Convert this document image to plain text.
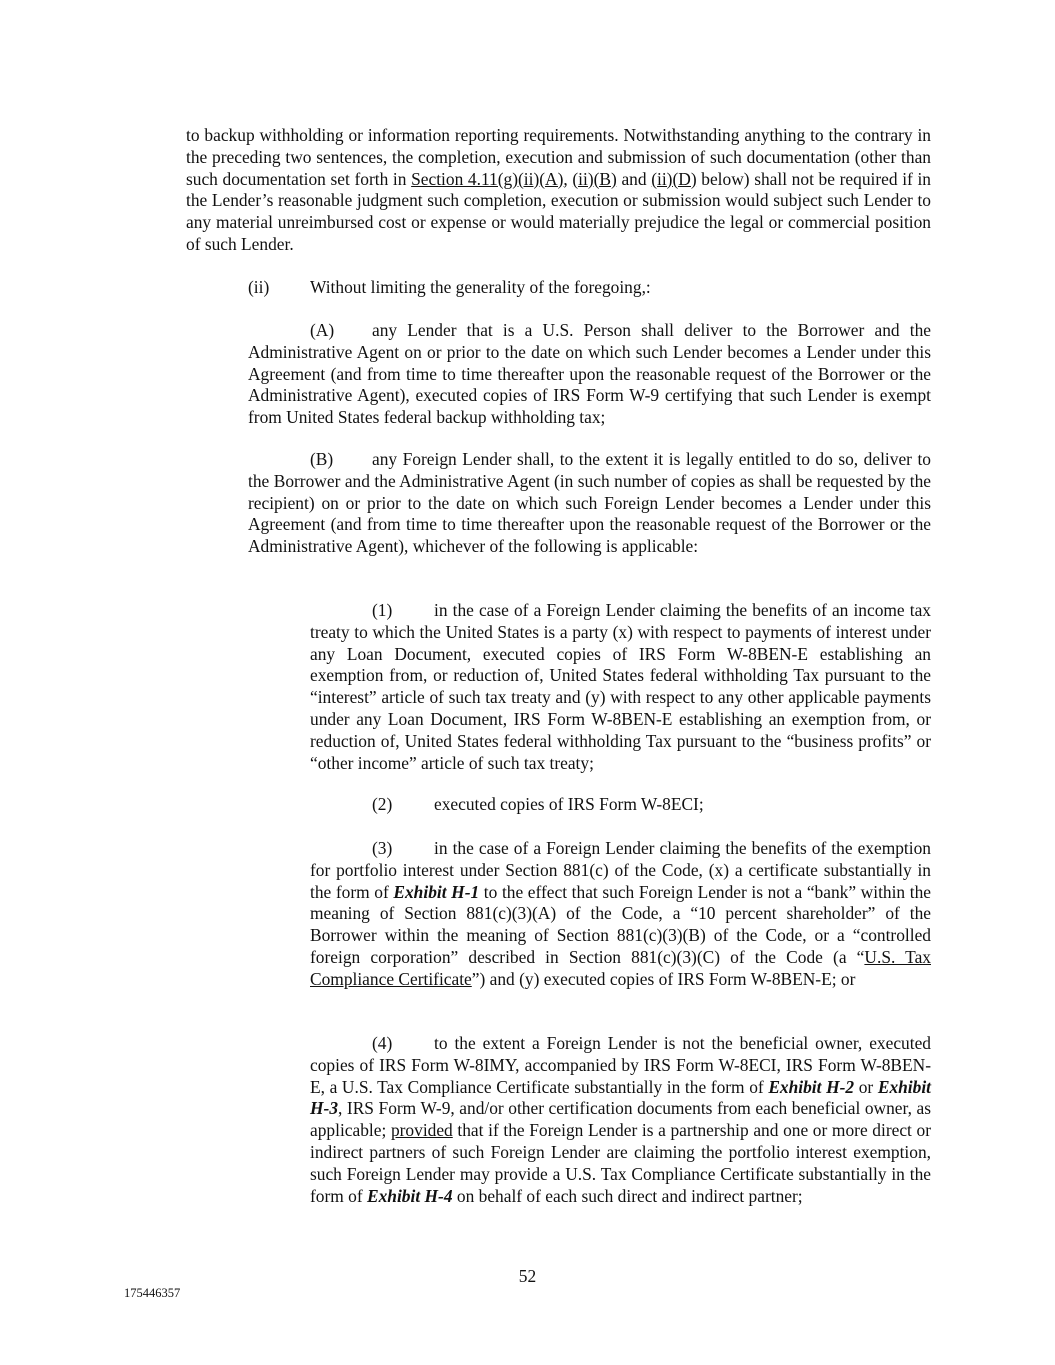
to backup withholding or information reporting requirements. Notwithstanding anything to the contrary in the preceding two sentences, the completion, execution and submission of such documentation (other than such documentation set forth in Section 4.11(g)(ii)(A), (ii)(B) and (ii)(D) below) shall not be required if in the Lender’s reasonable judgment such completion, execution or submission would subject such Lender to any material unreimbursed cost or expense or would materially prejudice the legal or commercial position of such Lender.

(ii) Without limiting the generality of the foregoing,:

(A) any Lender that is a U.S. Person shall deliver to the Borrower and the Administrative Agent on or prior to the date on which such Lender becomes a Lender under this Agreement (and from time to time thereafter upon the reasonable request of the Borrower or the Administrative Agent), executed copies of IRS Form W-9 certifying that such Lender is exempt from United States federal backup withholding tax;

(B) any Foreign Lender shall, to the extent it is legally entitled to do so, deliver to the Borrower and the Administrative Agent (in such number of copies as shall be requested by the recipient) on or prior to the date on which such Foreign Lender becomes a Lender under this Agreement (and from time to time thereafter upon the reasonable request of the Borrower or the Administrative Agent), whichever of the following is applicable:

(1) in the case of a Foreign Lender claiming the benefits of an income tax treaty to which the United States is a party (x) with respect to payments of interest under any Loan Document, executed copies of IRS Form W-8BEN-E establishing an exemption from, or reduction of, United States federal withholding Tax pursuant to the “interest” article of such tax treaty and (y) with respect to any other applicable payments under any Loan Document, IRS Form W-8BEN-E establishing an exemption from, or reduction of, United States federal withholding Tax pursuant to the “business profits” or “other income” article of such tax treaty;

(2) executed copies of IRS Form W-8ECI;

(3) in the case of a Foreign Lender claiming the benefits of the exemption for portfolio interest under Section 881(c) of the Code, (x) a certificate substantially in the form of Exhibit H-1 to the effect that such Foreign Lender is not a “bank” within the meaning of Section 881(c)(3)(A) of the Code, a “10 percent shareholder” of the Borrower within the meaning of Section 881(c)(3)(B) of the Code, or a “controlled foreign corporation” described in Section 881(c)(3)(C) of the Code (a “U.S. Tax Compliance Certificate”) and (y) executed copies of IRS Form W-8BEN-E; or

(4) to the extent a Foreign Lender is not the beneficial owner, executed copies of IRS Form W-8IMY, accompanied by IRS Form W-8ECI, IRS Form W-8BEN-E, a U.S. Tax Compliance Certificate substantially in the form of Exhibit H-2 or Exhibit H-3, IRS Form W-9, and/or other certification documents from each beneficial owner, as applicable; provided that if the Foreign Lender is a partnership and one or more direct or indirect partners of such Foreign Lender are claiming the portfolio interest exemption, such Foreign Lender may provide a U.S. Tax Compliance Certificate substantially in the form of Exhibit H-4 on behalf of each such direct and indirect partner;

52
175446357
